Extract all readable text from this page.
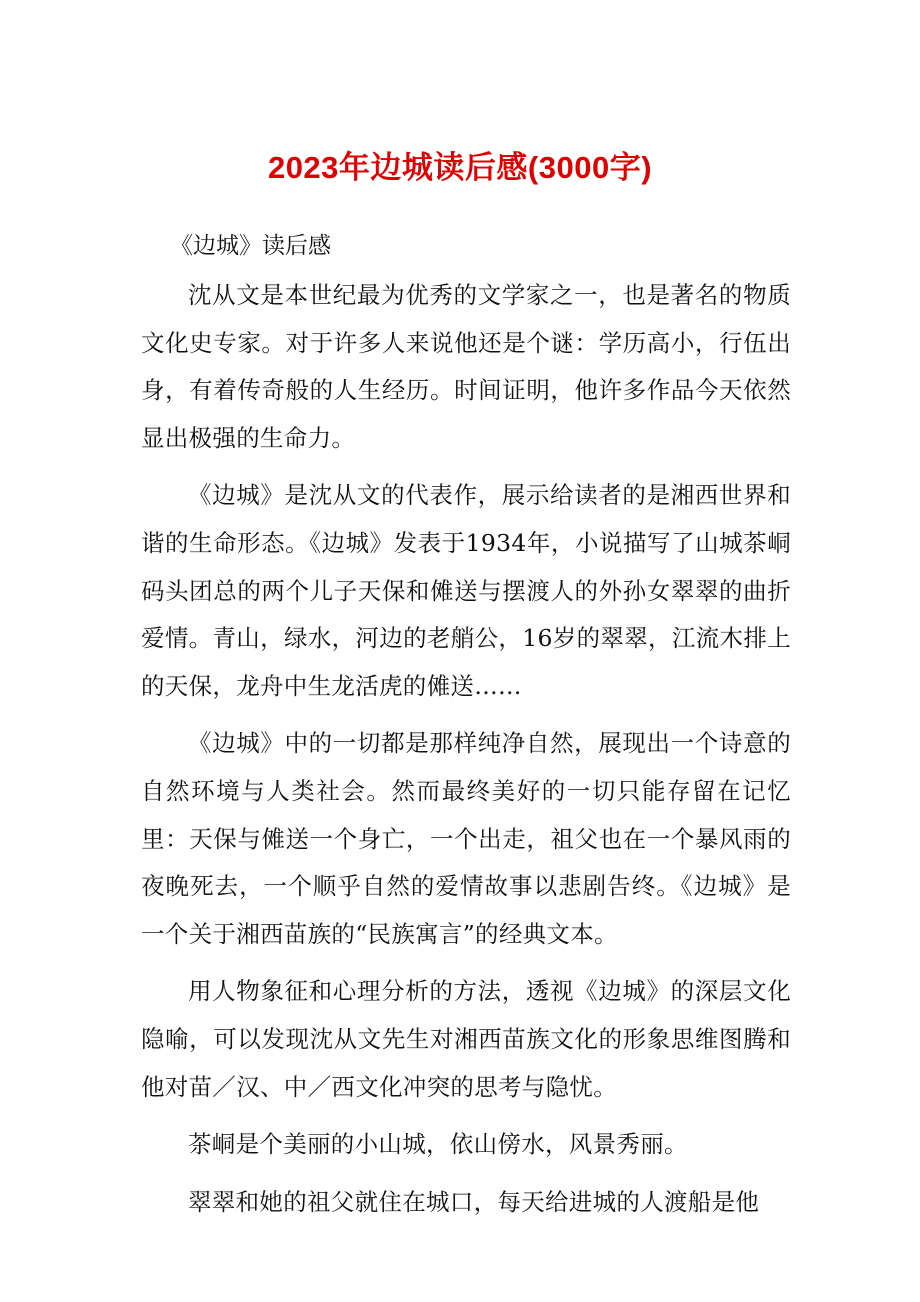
2023年边城读后感(3000字)
《边城》读后感

沈从文是本世纪最为优秀的文学家之一，也是著名的物质文化史专家。对于许多人来说他还是个谜：学历高小，行伍出身，有着传奇般的人生经历。时间证明，他许多作品今天依然显出极强的生命力。

《边城》是沈从文的代表作，展示给读者的是湘西世界和谐的生命形态。《边城》发表于1934年，小说描写了山城茶峒码头团总的两个儿子天保和傩送与摆渡人的外孙女翠翠的曲折爱情。青山，绿水，河边的老艄公，16岁的翠翠，江流木排上的天保，龙舟中生龙活虎的傩送……

《边城》中的一切都是那样纯净自然，展现出一个诗意的自然环境与人类社会。然而最终美好的一切只能存留在记忆里：天保与傩送一个身亡，一个出走，祖父也在一个暴风雨的夜晚死去，一个顺乎自然的爱情故事以悲剧告终。《边城》是一个关于湘西苗族的“民族寓言”的经典文本。

用人物象征和心理分析的方法，透视《边城》的深层文化隐喻，可以发现沈从文先生对湘西苗族文化的形象思维图腾和他对苗／汉、中／西文化冲突的思考与隐忧。

茶峒是个美丽的小山城，依山傍水，风景秀丽。

翠翠和她的祖父就住在城口，每天给进城的人渡船是他
